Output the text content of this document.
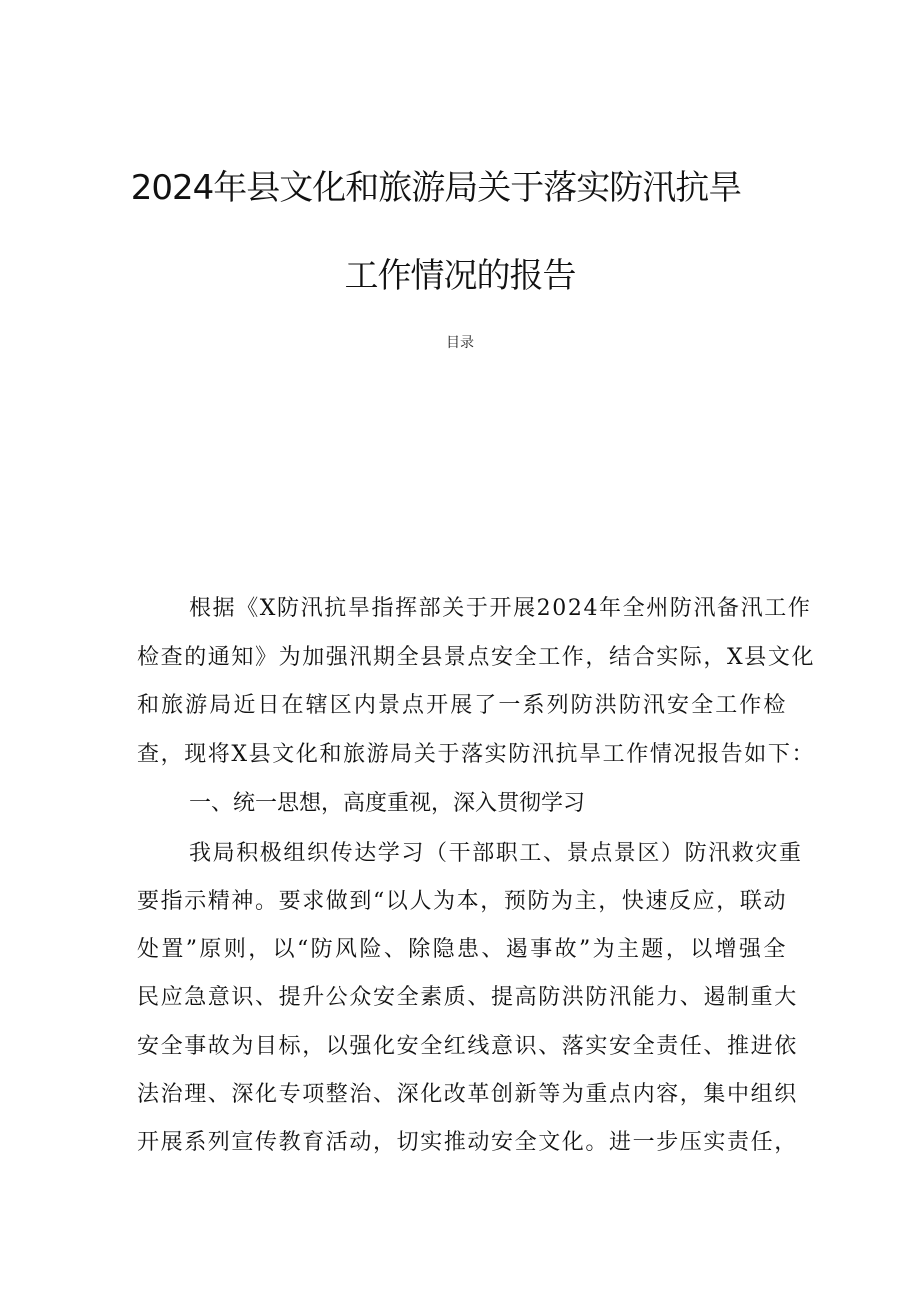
2024年县文化和旅游局关于落实防汛抗旱
工作情况的报告
目录
根据《X防汛抗旱指挥部关于开展2024年全州防汛备汛工作
检查的通知》为加强汛期全县景点安全工作，结合实际，X县文化
和旅游局近日在辖区内景点开展了一系列防洪防汛安全工作检
查，现将X县文化和旅游局关于落实防汛抗旱工作情况报告如下：
一、统一思想，高度重视，深入贯彻学习
我局积极组织传达学习（干部职工、景点景区）防汛救灾重
要指示精神。要求做到“以人为本，预防为主，快速反应，联动
处置”原则，以“防风险、除隐患、遏事故”为主题，以增强全
民应急意识、提升公众安全素质、提高防洪防汛能力、遏制重大
安全事故为目标，以强化安全红线意识、落实安全责任、推进依
法治理、深化专项整治、深化改革创新等为重点内容，集中组织
开展系列宣传教育活动，切实推动安全文化。进一步压实责任，
